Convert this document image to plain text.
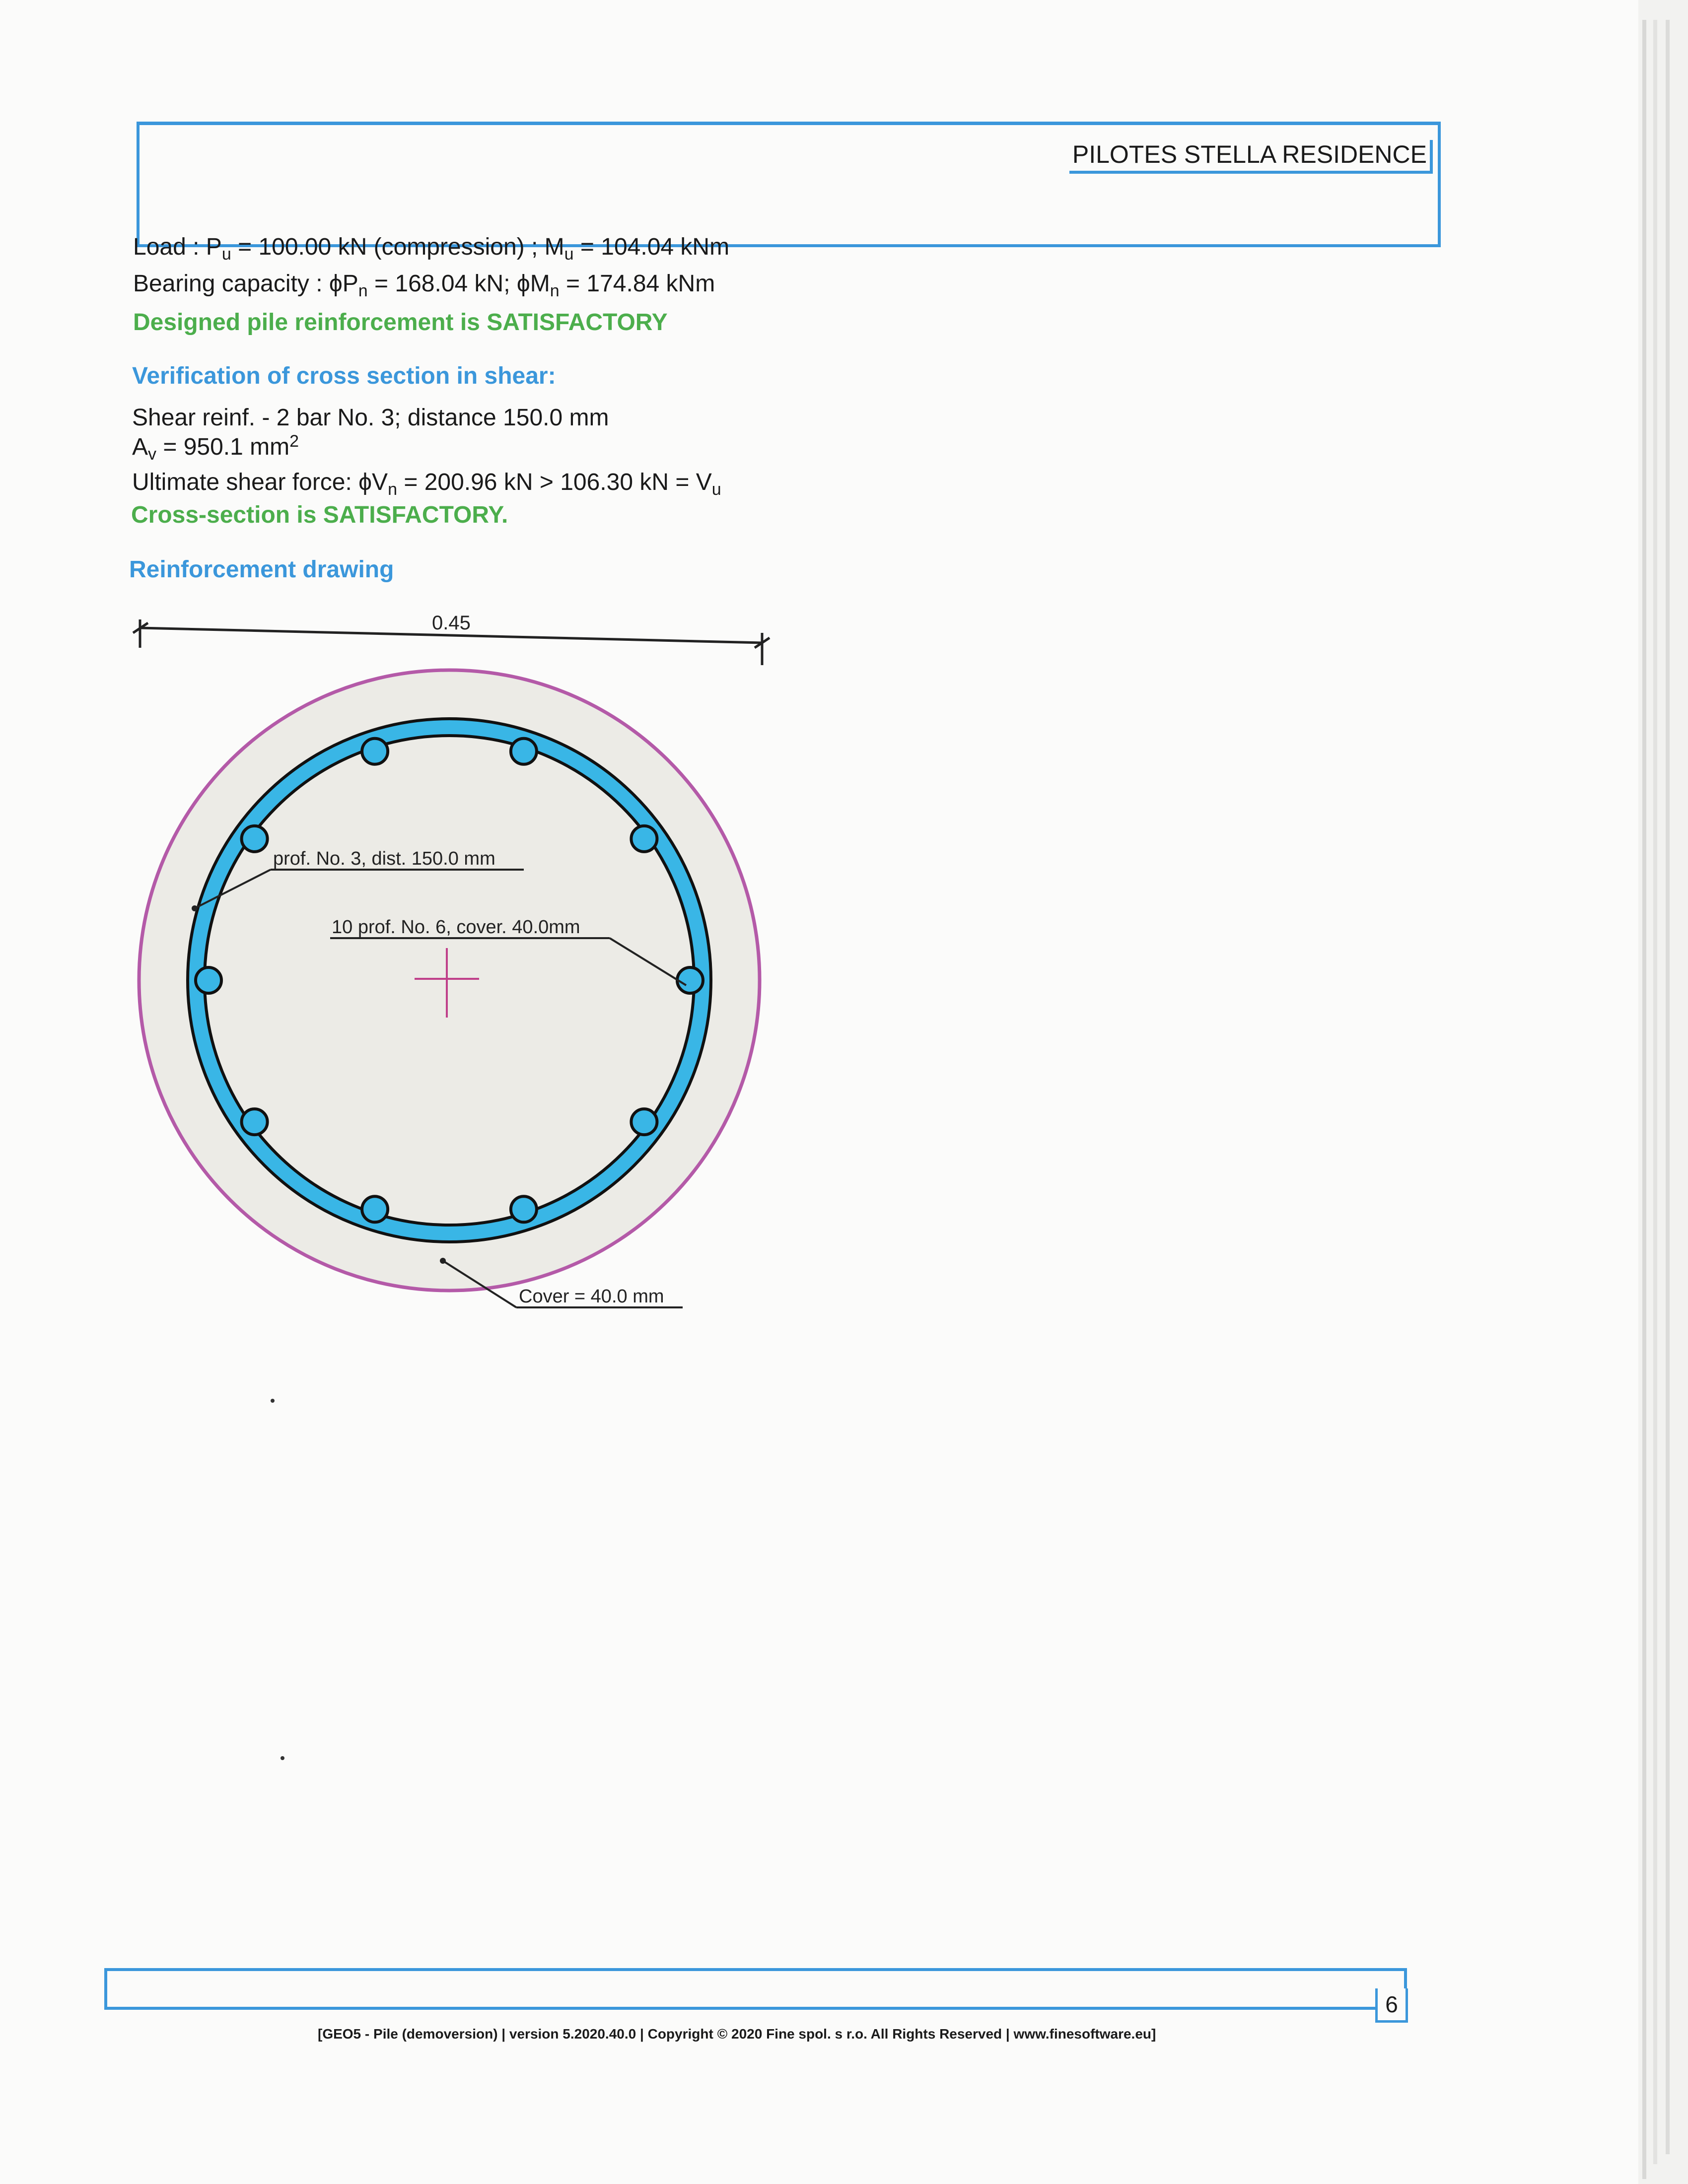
PILOTES STELLA RESIDENCE
Load : $P_u = 100.00$ kN (compression) ; $M_u = 104.04$ kNm
Bearing capacity : $\phi P_n = 168.04$ kN; $\phi M_n = 174.84$ kNm
Designed pile reinforcement is SATISFACTORY
Verification of cross section in shear:
Shear reinf. - 2 bar No. 3; distance 150.0 mm
$A_v = 950.1$ $mm^2$
Ultimate shear force: $\phi V_n = 200.96$ kN > 106.30 kN = $V_u$
Cross-section is SATISFACTORY.
Reinforcement drawing
0.45
prof. No. 3, dist. 150.0 mm
10 prof. No. 6, cover. 40.0mm
Cover = 40.0 mm
6
[GEO5 - Pile (demoversion) | version 5.2020.40.0 | Copyright © 2020 Fine spol. s r.o. All Rights Reserved | www.finesoftware.eu]
